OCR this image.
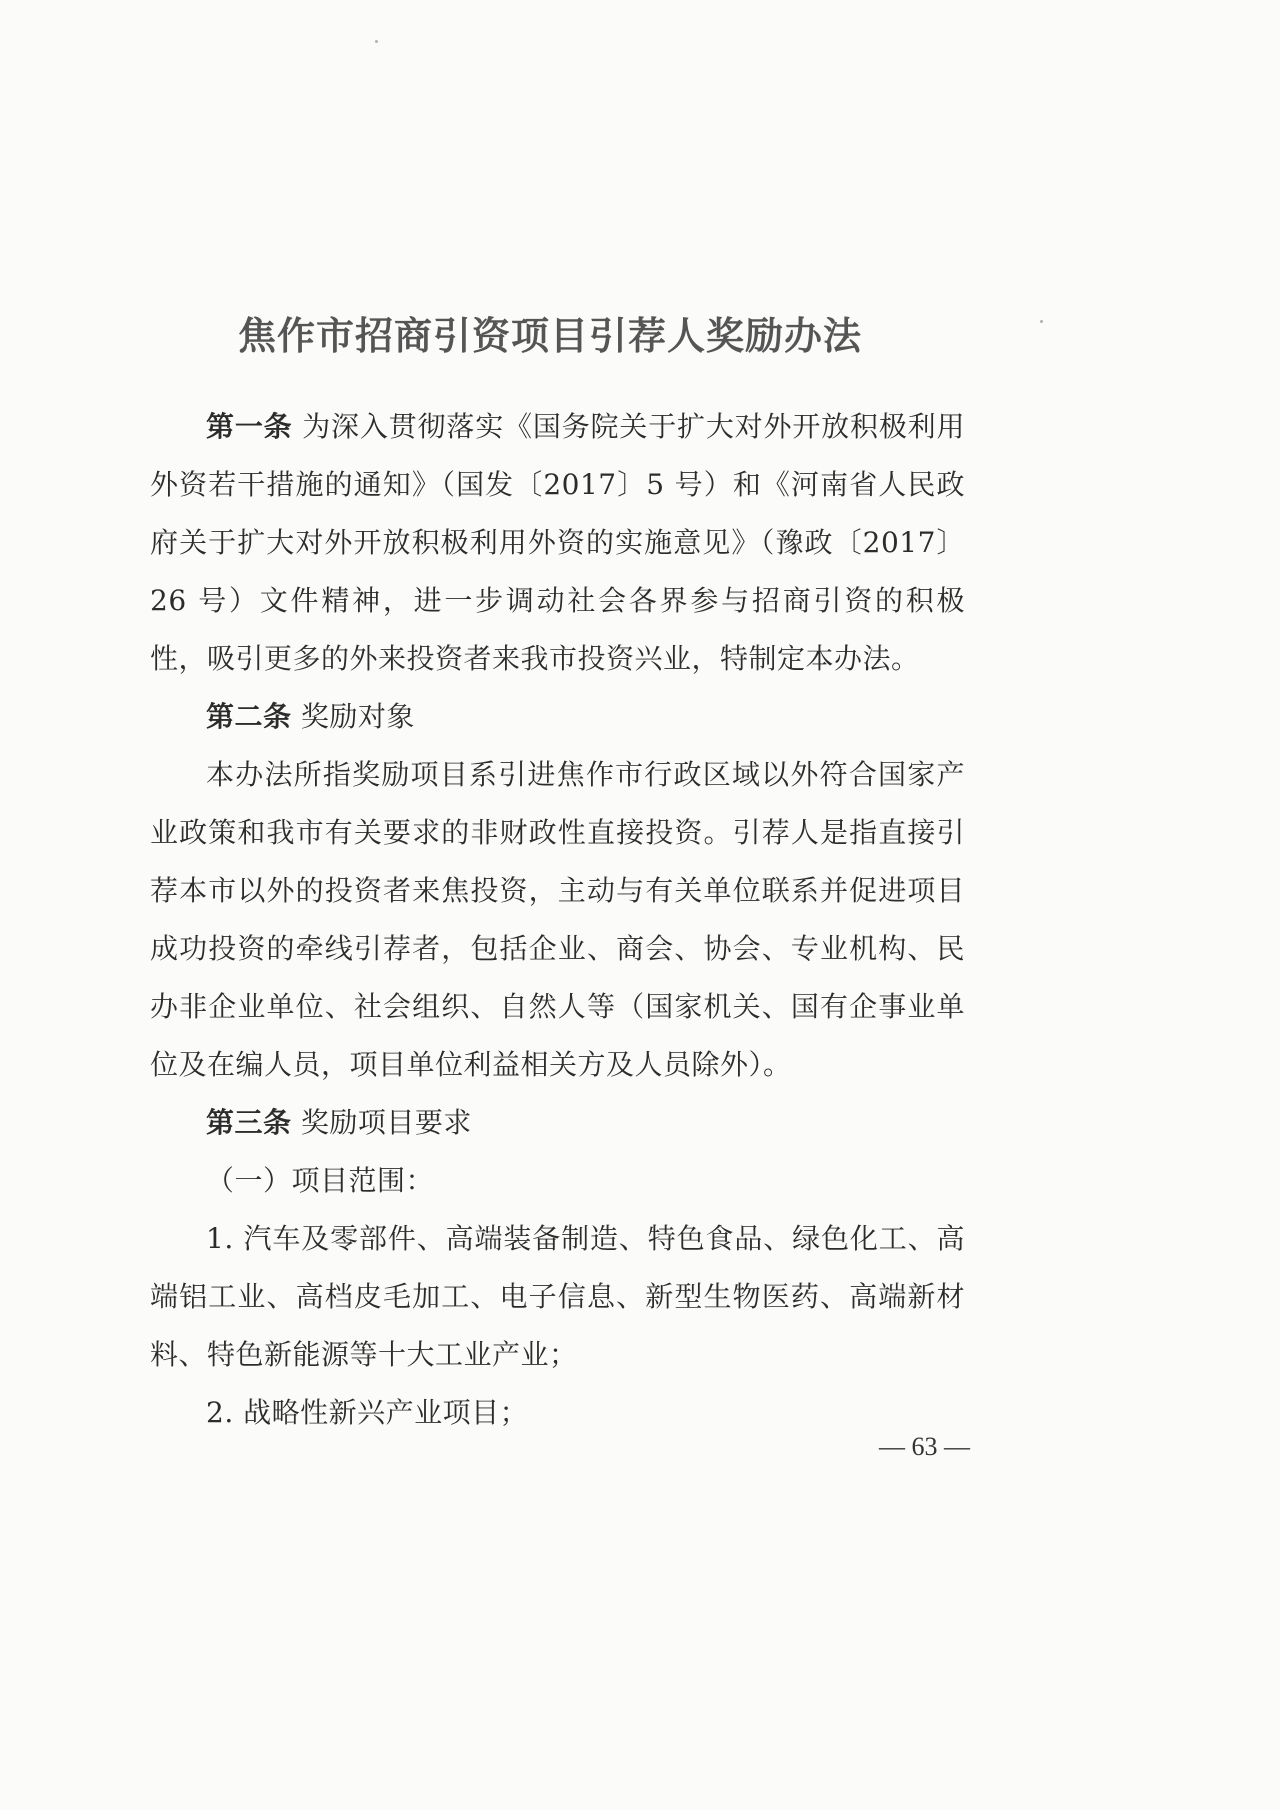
焦作市招商引资项目引荐人奖励办法

第一条 为深入贯彻落实《国务院关于扩大对外开放积极利用外资若干措施的通知》（国发〔2017〕5 号）和《河南省人民政府关于扩大对外开放积极利用外资的实施意见》（豫政〔2017〕26 号）文件精神，进一步调动社会各界参与招商引资的积极性，吸引更多的外来投资者来我市投资兴业，特制定本办法。

第二条 奖励对象

本办法所指奖励项目系引进焦作市行政区域以外符合国家产业政策和我市有关要求的非财政性直接投资。引荐人是指直接引荐本市以外的投资者来焦投资，主动与有关单位联系并促进项目成功投资的牵线引荐者，包括企业、商会、协会、专业机构、民办非企业单位、社会组织、自然人等（国家机关、国有企事业单位及在编人员，项目单位利益相关方及人员除外）。

第三条 奖励项目要求

（一）项目范围：

1. 汽车及零部件、高端装备制造、特色食品、绿色化工、高端铝工业、高档皮毛加工、电子信息、新型生物医药、高端新材料、特色新能源等十大工业产业；

2. 战略性新兴产业项目；

— 63 —
